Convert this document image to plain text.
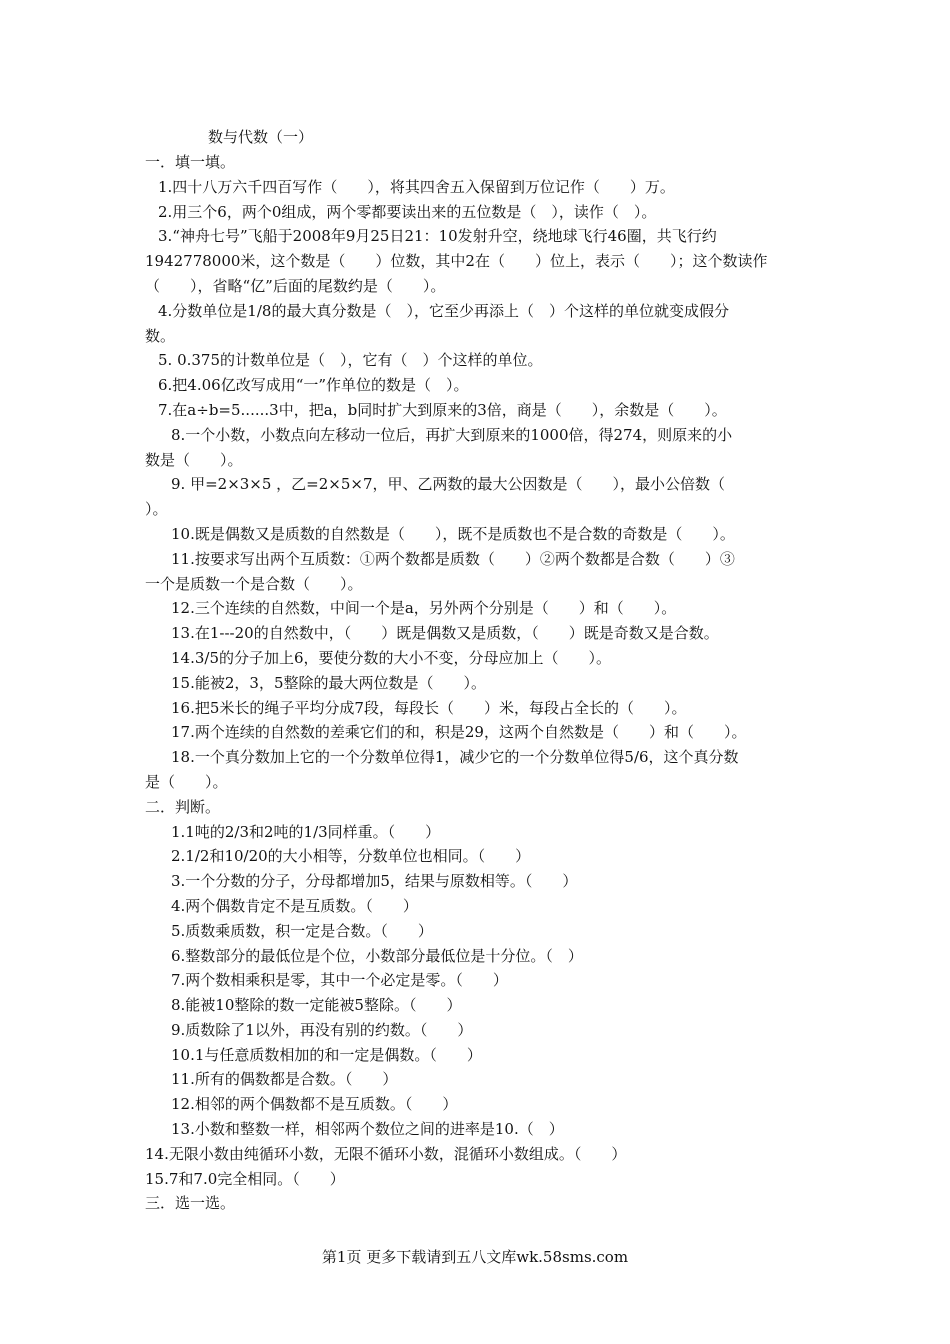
数与代数（一）

一．填一填。

1.四十八万六千四百写作（　　），将其四舍五入保留到万位记作（　　）万。

2.用三个6，两个0组成，两个零都要读出来的五位数是（　），读作（　）。

3.“神舟七号”飞船于2008年9月25日21：10发射升空，绕地球飞行46圈，共飞行约

1942778000米，这个数是（　　）位数，其中2在（　　）位上，表示（　　）；这个数读作

（　　），省略“亿”后面的尾数约是（　　）。

4.分数单位是1/8的最大真分数是（　），它至少再添上（　）个这样的单位就变成假分

数。

5. 0.375的计数单位是（　），它有（　）个这样的单位。

6.把4.06亿改写成用“一”作单位的数是（　）。

7.在a÷b=5......3中，把a，b同时扩大到原来的3倍，商是（　　），余数是（　　）。

8.一个小数，小数点向左移动一位后，再扩大到原来的1000倍，得274，则原来的小

数是（　　）。

9. 甲=2×3×5 ，乙=2×5×7，甲、乙两数的最大公因数是（　　），最小公倍数（

）。

10.既是偶数又是质数的自然数是（　　），既不是质数也不是合数的奇数是（　　）。

11.按要求写出两个互质数：①两个数都是质数（　　）②两个数都是合数（　　）③

一个是质数一个是合数（　　）。

12.三个连续的自然数，中间一个是a，另外两个分别是（　　）和（　　）。

13.在1---20的自然数中，（　　）既是偶数又是质数，（　　）既是奇数又是合数。

14.3/5的分子加上6，要使分数的大小不变，分母应加上（　　）。

15.能被2，3，5整除的最大两位数是（　　）。

16.把5米长的绳子平均分成7段，每段长（　　）米，每段占全长的（　　）。

17.两个连续的自然数的差乘它们的和，积是29，这两个自然数是（　　）和（　　）。

18.一个真分数加上它的一个分数单位得1，减少它的一个分数单位得5/6，这个真分数

是（　　）。

二．判断。

1.1吨的2/3和2吨的1/3同样重。（　　）

2.1/2和10/20的大小相等，分数单位也相同。（　　）

3.一个分数的分子，分母都增加5，结果与原数相等。（　　）

4.两个偶数肯定不是互质数。（　　）

5.质数乘质数，积一定是合数。（　　）

6.整数部分的最低位是个位，小数部分最低位是十分位。（　）

7.两个数相乘积是零，其中一个必定是零。（　　）

8.能被10整除的数一定能被5整除。（　　）

9.质数除了1以外，再没有别的约数。（　　）

10.1与任意质数相加的和一定是偶数。（　　）

11.所有的偶数都是合数。（　　）

12.相邻的两个偶数都不是互质数。（　　）

13.小数和整数一样，相邻两个数位之间的进率是10.（　）

14.无限小数由纯循环小数，无限不循环小数，混循环小数组成。（　　）

15.7和7.0完全相同。（　　）

三．选一选。

第1页 更多下载请到五八文库wk.58sms.com
